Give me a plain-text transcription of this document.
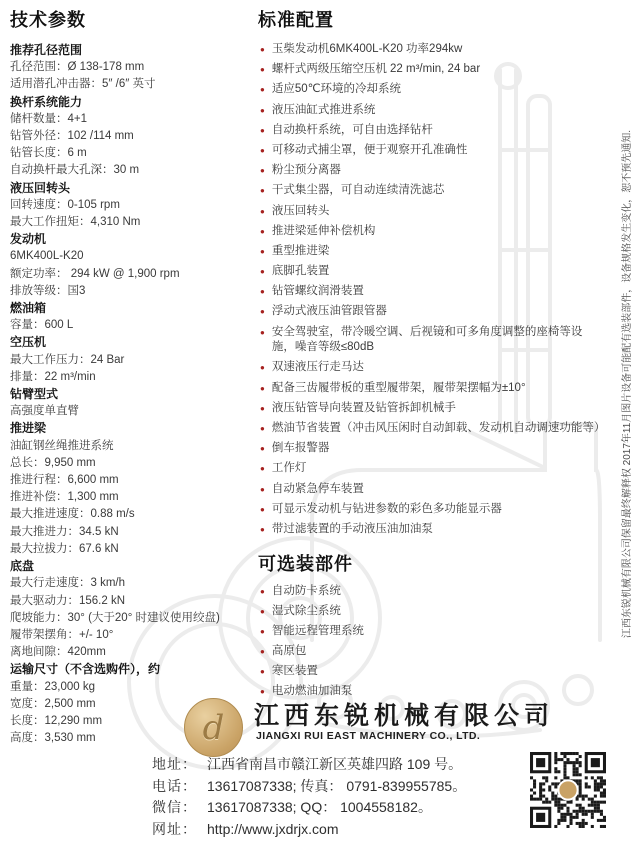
技术参数
推荐孔径范围
孔径范围：Ø 138-178 mm
适用潜孔冲击器：5″ /6″ 英寸
换杆系统能力
储杆数量：4+1
钻管外径：102 /114 mm
钻管长度：6 m
自动换杆最大孔深：30 m
液压回转头
回转速度：0-105 rpm
最大工作扭矩：4,310 Nm
发动机
6MK400L-K20
额定功率： 294 kW @ 1,900 rpm
排放等级：国3
燃油箱
容量：600 L
空压机
最大工作压力：24 Bar
排量：22 m³/min
钻臂型式
高强度单直臂
推进梁
油缸钢丝绳推进系统
总长：9,950 mm
推进行程：6,600 mm
推进补偿：1,300 mm
最大推进速度：0.88 m/s
最大推进力：34.5 kN
最大拉拔力：67.6 kN
底盘
最大行走速度：3 km/h
最大驱动力：156.2 kN
爬坡能力：30° (大于20° 时建议使用绞盘)
履带架摆角：+/- 10°
离地间隙：420mm
运输尺寸（不含选购件），约
重量：23,000 kg
宽度：2,500 mm
长度：12,290 mm
高度：3,530 mm
标准配置
● 玉柴发动机6MK400L-K20 功率294kw
● 螺杆式两级压缩空压机 22 m³/min, 24 bar
● 适应50℃环境的冷却系统
● 液压油缸式推进系统
● 自动换杆系统，可自由选择钻杆
● 可移动式捕尘罩，便于观察开孔准确性
● 粉尘预分离器
● 干式集尘器，可自动连续清洗滤芯
● 液压回转头
● 推进梁延伸补偿机构
● 重型推进梁
● 底脚孔装置
● 钻管螺纹润滑装置
● 浮动式液压油管跟管器
● 安全驾驶室，带冷暖空调、后视镜和可多角度调整的座椅等设施，噪音等级≤80dB
● 双速液压行走马达
● 配备三齿履带板的重型履带架，履带架摆幅为±10°
● 液压钻管导向装置及钻管拆卸机械手
● 燃油节省装置（冲击风压闲时自动卸载、发动机自动调速功能等）
● 倒车报警器
● 工作灯
● 自动紧急停车装置
● 可显示发动机与钻进参数的彩色多功能显示器
● 带过滤装置的手动液压油加油泵
可选装部件
● 自动防卡系统
● 湿式除尘系统
● 智能远程管理系统
● 高原包
● 寒区装置
● 电动燃油加油泵
江西东锐机械有限公司保留最终解释权 2017年11月图片设备可能配有选装部件，设备规格发生变化，恕不预先通知.
d 江西东锐机械有限公司
JIANGXI RUI EAST MACHINERY CO., LTD.
地址： 江西省南昌市赣江新区英雄四路 109 号。
电话： 13617087338; 传真： 0791-839955785。
微信： 13617087338; QQ： 1004558182。
网址： http://www.jxdrjx.com
